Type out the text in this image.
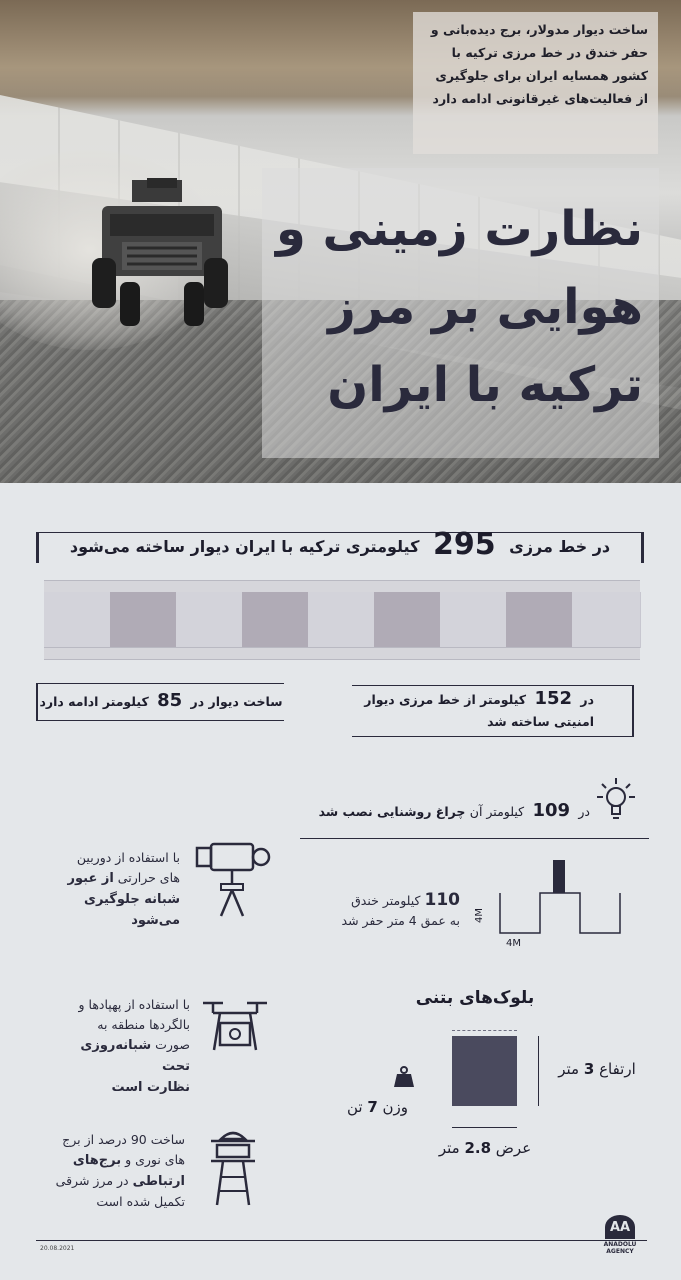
ساخت دیوار مدولار، برج دیده‌بانی و حفر خندق در خط مرزی ترکیه با کشور همسایه ایران برای جلوگیری از فعالیت‌های غیرقانونی ادامه دارد

نظارت زمینی و هوایی بر مرز ترکیه با ایران
در خط مرزی 295 کیلومتری ترکیه با ایران دیوار ساخته می‌شود
ساخت دیوار در 85 کیلومتر ادامه دارد	در 152 کیلومتر از خط مرزی دیوار
امنیتی ساخته شد
در 109 کیلومتر آن چراغ روشنایی نصب شد
با استفاده از دوربین
های حرارتی از عبور
شبانه جلوگیری می‌شود
110 کیلومتر خندق
به عمق 4 متر حفر شد 4M
4M
با استفاده از پهپادها و
بالگردها منطقه به
صورت شبانه‌روزی تحت
نظارت است
ساخت 90 درصد از برج
های نوری و برج‌های
ارتباطی در مرز شرقی
تکمیل شده است
بلوک‌های بتنی
ارتفاع 3 متر
وزن 7 تن
عرض 2.8 متر
20.08.2021
AA
ANADOLU AGENCY
